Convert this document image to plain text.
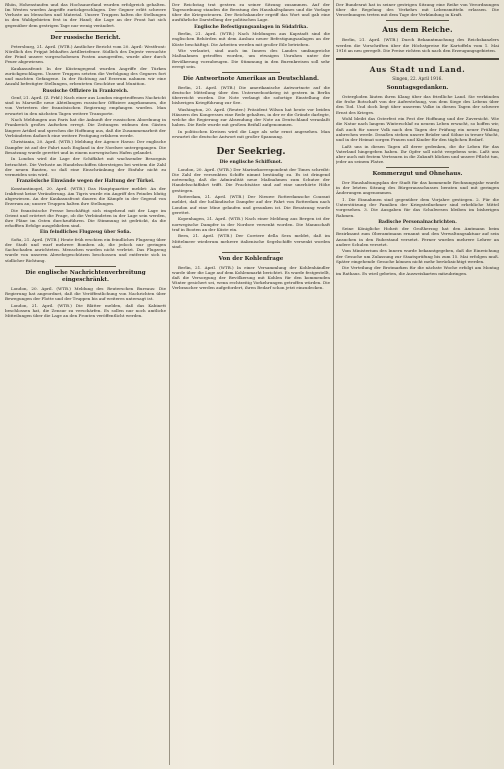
Rhön, Hohenstaufen und das Hochsauerland wurden erfolgreich gehalten. Im Westen wurden Angriffe zurückgeschlagen. Der Gegner erlitt schwere Verluste an Menschen und Material. Unsere Truppen halten die Stellungen in den Waldgebieten fest in der Hand; die Lage an der Front hat sich gegenüber dem gestrigen Tage nur wenig verändert.

Der russische Bericht.

Petersburg, 21. April. (WTB.) Amtlicher Bericht vom 20. April: Westfront: Nördlich des Pripjat lebhaftes Artilleriefeuer. Südlich des Dnjestr versuchte der Feind unsere vorgeschobenen Posten anzugreifen, wurde aber durch Feuer abgewiesen.

Kaukasusfront: In der Küstengegend wurden Angriffe der Türken zurückgeschlagen. Unsere Truppen setzten die Verfolgung des Gegners fort und machten Gefangene. In der Richtung auf Erzerum nahmen wir eine Anzahl befestigter Stellungen, erbeuteten Geschütze und Munition.

Russische Offiziere in Frankreich.

Genf, 21. April. (Z. Frkf.) Nach einer aus London eingetroffenen Nachricht sind in Marseille neue Abteilungen russischer Offiziere angekommen, die von Vertretern der französischen Regierung empfangen wurden. Man erwartet in den nächsten Tagen weitere Transporte.

Nach Meldungen aus Paris hat die Ankunft der russischen Abordnung in Frankreich großes Aufsehen erregt. Die Zeitungen widmen den Gästen längere Artikel und sprechen die Hoffnung aus, daß die Zusammenarbeit der Verbündeten dadurch eine weitere Festigung erfahren werde.

Christiania, 20. April. (WTB.) Meldung der Agence Havas: Der englische Dampfer ist auf der Fahrt nach England in der Nordsee untergegangen. Die Besatzung wurde gerettet und in einem norwegischen Hafen gelandet.

In London wird die Lage der Schiffahrt mit wachsender Besorgnis betrachtet. Die Verluste an Handelsschiffen übersteigen bei weitem die Zahl der neuen Bauten, so daß eine Einschränkung der Einfuhr nicht zu vermeiden sein wird.

Französische Einwände wegen der Haltung der Türkei.

Konstantinopel, 20. April. (WTB.) Das Hauptquartier meldet: An der Irakfront keine Veränderung. Am Tigris wurde ein Angriff des Feindes blutig abgewiesen. An der Kaukasusfront dauern die Kämpfe in der Gegend von Erzerum an; unsere Truppen halten ihre Stellungen.

Die französische Presse beschäftigt sich eingehend mit der Lage im Orient und erörtert die Frage, ob die Verbündeten in der Lage sein werden, ihre Pläne im Osten durchzuführen. Die Stimmung ist gedrückt, da die erhofften Erfolge ausgeblieben sind.

Ein feindliches Flugzeug über Sofia.

Sofia, 21. April. (WTB.) Heute früh erschien ein feindliches Flugzeug über der Stadt und warf mehrere Bomben ab, die jedoch nur geringen Sachschaden anrichteten. Menschen wurden nicht verletzt. Das Flugzeug wurde von unseren Abwehrgeschützen beschossen und entfernte sich in südlicher Richtung.

Die englische Nachrichtenverbreitung eingeschränkt.

London, 20. April. (WTB.) Meldung des Reuterschen Bureaus: Die Regierung hat angeordnet, daß die Veröffentlichung von Nachrichten über Bewegungen der Flotte und der Truppen bis auf weiteres untersagt ist.

London, 21. April. (WTB.) Die Blätter melden, daß das Kabinett beschlossen hat, die Zensur zu verschärfen. Es sollen nur noch amtliche Mitteilungen über die Lage an den Fronten veröffentlicht werden.

Der Reichstag trat gestern zu seiner Sitzung zusammen. Auf der Tagesordnung standen die Beratung des Haushaltsplanes und die Vorlage über die Kriegssteuern. Der Reichskanzler ergriff das Wort und gab eine ausführliche Darstellung der politischen Lage.

Englische Befestigungsanlagen in Südafrika.

Berlin, 21. April. (WTB.) Nach Meldungen aus Kapstadt sind die englischen Behörden mit dem Ausbau neuer Befestigungsanlagen an der Küste beschäftigt. Die Arbeiten werden mit großer Eile betrieben.

Wie verlautet, sind auch im Innern des Landes umfangreiche Maßnahmen getroffen worden, um etwaigen Unruhen unter der Bevölkerung vorzubeugen. Die Stimmung in den Burenkreisen soll sehr erregt sein.

Die Antwortnote Amerikas an Deutschland.

Berlin, 21. April. (WTB.) Die amerikanische Antwortnote auf die deutsche Mitteilung über den Unterseebootkrieg ist gestern in Berlin überreicht worden. Die Note verlangt die sofortige Einstellung der bisherigen Kriegführung zur See.

Washington, 20. April. (Reuter.) Präsident Wilson hat heute vor beiden Häusern des Kongresses eine Rede gehalten, in der er die Gründe darlegte, welche die Regierung zur Absendung der Note an Deutschland veranlaßt haben. Die Rede wurde mit großem Beifall aufgenommen.

In politischen Kreisen wird die Lage als sehr ernst angesehen. Man erwartet die deutsche Antwort mit großer Spannung.

Der Seekrieg.
Die englische Schiffsnot.

London, 20. April. (WTB.) Der Marinekorrespondent der Times schreibt: Die Zahl der versenkten Schiffe nimmt beständig zu. Es ist dringend notwendig, daß die Admiralität neue Maßnahmen zum Schutze der Handelsschiffahrt trifft. Die Frachtsätze sind auf eine unerhörte Höhe gestiegen.

Rotterdam, 21. April. (WTB.) Der Nieuwe Rotterdamsche Courant meldet, daß der holländische Dampfer auf der Fahrt von Rotterdam nach London auf eine Mine gelaufen und gesunken ist. Die Besatzung wurde gerettet.

Kopenhagen, 21. April. (WTB.) Nach einer Meldung aus Bergen ist der norwegische Dampfer in der Nordsee versenkt worden. Die Mannschaft traf in Booten an der Küste ein.

Bern, 21. April. (WTB.) Der Corriere della Sera meldet, daß im Mittelmeer wiederum mehrere italienische Segelschiffe versenkt worden sind.

Von der Kohlenfrage

Berlin, 21. April. (WTB.) In einer Versammlung der Kohlenhändler wurde über die Lage auf dem Kohlenmarkt berichtet. Es wurde festgestellt, daß die Versorgung der Bevölkerung mit Kohlen für den kommenden Winter gesichert sei, wenn rechtzeitig Vorkehrungen getroffen würden. Die Verbraucher werden aufgefordert, ihren Bedarf schon jetzt einzudecken.

Der Bundesrat hat in seiner gestrigen Sitzung eine Reihe von Verordnungen über die Regelung des Verkehrs mit Lebensmitteln erlassen. Die Verordnungen treten mit dem Tage der Verkündung in Kraft.

Aus dem Reiche.

Berlin, 21. April. (WTB.) Durch Bekanntmachung des Reichskanzlers werden die Vorschriften über die Höchstpreise für Kartoffeln vom 1. Mai 1916 an neu geregelt. Die Preise richten sich nach den Erzeugungsgebieten.

Aus Stadt und Land.

Singen, 22. April 1916.

Sonntagsgedanken.

Ostergloden läuten ihren Klang über das friedliche Land. Sie verkünden die frohe Botschaft von der Auferstehung, von dem Siege des Lebens über den Tod. Und doch liegt über unserem Volke in diesen Tagen der schwere Ernst des Krieges.

Wohl bleibt das Osterfest ein Fest der Hoffnung und der Zuversicht. Wie die Natur nach langem Winterschlaf zu neuem Leben erwacht, so hoffen wir, daß auch für unser Volk nach den Tagen der Prüfung ein neuer Frühling anbrechen werde. Draußen stehen unsere Brüder und Söhne in treuer Wacht, und in der Heimat sorgen Frauen und Kinder für den täglichen Bedarf.

Laßt uns in diesen Tagen all derer gedenken, die ihr Leben für das Vaterland hingegeben haben. Ihr Opfer soll nicht vergebens sein. Laßt uns aber auch mit festem Vertrauen in die Zukunft blicken und unsere Pflicht tun, jeder an seinem Platze.

Kommerzgut und Ohnehaus.

Der Haushaltungsplan der Stadt für das kommende Rechnungsjahr wurde in der letzten Sitzung des Bürgerausschusses beraten und mit geringen Änderungen angenommen.

1. Die Einnahmen sind gegenüber dem Vorjahre gestiegen. 2. Für die Unterstützung der Familien der Kriegsteilnehmer sind erhebliche Mittel vorgesehen. 3. Die Ausgaben für das Schulwesen bleiben im bisherigen Rahmen.

Badische Personalnachrichten.

Seine Königliche Hoheit der Großherzog hat den Amtmann beim Bezirksamt zum Oberamtmann ernannt und den Verwaltungsaktuar auf sein Ansuchen in den Ruhestand versetzt. Ferner wurden mehrere Lehrer an andere Schulen versetzt.

Vom Ministerium des Innern wurde bekanntgegeben, daß die Einreichung der Gesuche um Zulassung zur Staatsprüfung bis zum 15. Mai erfolgen muß. Später eingehende Gesuche können nicht mehr berücksichtigt werden.

Die Verteilung der Brotmarken für die nächste Woche erfolgt am Montag im Rathaus. Es wird gebeten, die Ausweiskarten mitzubringen.
